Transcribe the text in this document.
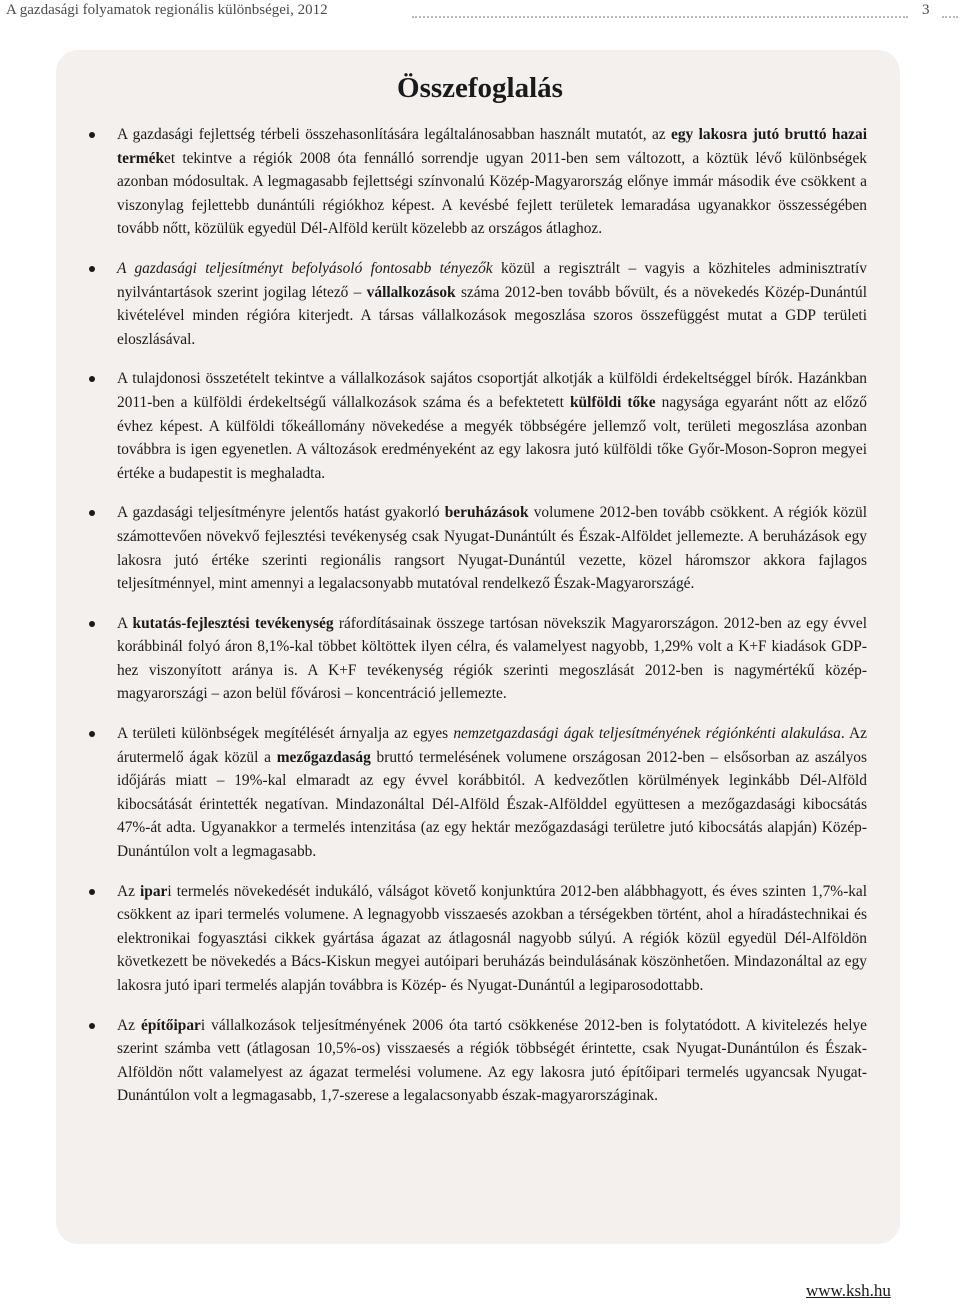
A gazdasági folyamatok regionális különbségei, 2012	3
Összefoglalás
A gazdasági fejlettség térbeli összehasonlítására legáltalánosabban használt mutatót, az egy lakosra jutó bruttó hazai terméket tekintve a régiók 2008 óta fennálló sorrendje ugyan 2011-ben sem változott, a köztük lévő különbségek azonban módosultak. A legmagasabb fejlettségi színvonalú Közép-Magyarország előnye immár második éve csökkent a viszonylag fejlettebb dunántúli régiókhoz képest. A kevésbé fejlett területek lemaradása ugyanakkor összességében tovább nőtt, közülük egyedül Dél-Alföld került közelebb az országos átlaghoz.
A gazdasági teljesítményt befolyásoló fontosabb tényezők közül a regisztrált – vagyis a közhiteles adminisztratív nyilvántartások szerint jogilag létező – vállalkozások száma 2012-ben tovább bővült, és a növekedés Közép-Dunántúl kivételével minden régióra kiterjedt. A társas vállalkozások megoszlása szoros összefüggést mutat a GDP területi eloszlásával.
A tulajdonosi összetételt tekintve a vállalkozások sajátos csoportját alkotják a külföldi érdekeltséggel bírók. Hazánkban 2011-ben a külföldi érdekeltségű vállalkozások száma és a befektetett külföldi tőke nagysága egyaránt nőtt az előző évhez képest. A külföldi tőkeállomány növekedése a megyék többségére jellemző volt, területi megoszlása azonban továbbra is igen egyenetlen. A változások eredményeként az egy lakosra jutó külföldi tőke Győr-Moson-Sopron megyei értéke a budapestit is meghaladta.
A gazdasági teljesítményre jelentős hatást gyakorló beruházások volumene 2012-ben tovább csökkent. A régiók közül számottevően növekvő fejlesztési tevékenység csak Nyugat-Dunántúlt és Észak-Alföldet jellemezte. A beruházások egy lakosra jutó értéke szerinti regionális rangsort Nyugat-Dunántúl vezette, közel háromszor akkora fajlagos teljesítménnyel, mint amennyi a legalacsonyabb mutatóval rendelkező Észak-Magyarországé.
A kutatás-fejlesztési tevékenység ráfordításainak összege tartósan növekszik Magyarországon. 2012-ben az egy évvel korábbinál folyó áron 8,1%-kal többet költöttek ilyen célra, és valamelyest nagyobb, 1,29% volt a K+F kiadások GDP-hez viszonyított aránya is. A K+F tevékenység régiók szerinti megoszlását 2012-ben is nagymértékű közép-magyarországi – azon belül fővárosi – koncentráció jellemezte.
A területi különbségek megítélését árnyalja az egyes nemzetgazdasági ágak teljesítményének régiónkénti alakulása. Az árutermelő ágak közül a mezőgazdaság bruttó termelésének volumene országosan 2012-ben – elsősorban az aszályos időjárás miatt – 19%-kal elmaradt az egy évvel korábbitól. A kedvezőtlen körülmények leginkább Dél-Alföld kibocsátását érintették negatívan. Mindazonáltal Dél-Alföld Észak-Alfölddel együttesen a mezőgazdasági kibocsátás 47%-át adta. Ugyanakkor a termelés intenzitása (az egy hektár mezőgazdasági területre jutó kibocsátás alapján) Közép-Dunántúlon volt a legmagasabb.
Az ipari termelés növekedését indukáló, válságot követő konjunktúra 2012-ben alábbhagyott, és éves szinten 1,7%-kal csökkent az ipari termelés volumene. A legnagyobb visszaesés azokban a térségekben történt, ahol a híradástechnikai és elektronikai fogyasztási cikkek gyártása ágazat az átlagosnál nagyobb súlyú. A régiók közül egyedül Dél-Alföldön következett be növekedés a Bács-Kiskun megyei autóipari beruházás beindulásának köszönhetően. Mindazonáltal az egy lakosra jutó ipari termelés alapján továbbra is Közép- és Nyugat-Dunántúl a legiparosodottabb.
Az építőipari vállalkozások teljesítményének 2006 óta tartó csökkenése 2012-ben is folytatódott. A kivitelezés helye szerint számba vett (átlagosan 10,5%-os) visszaesés a régiók többségét érintette, csak Nyugat-Dunántúlon és Észak-Alföldön nőtt valamelyest az ágazat termelési volumene. Az egy lakosra jutó építőipari termelés ugyancsak Nyugat-Dunántúlon volt a legmagasabb, 1,7-szerese a legalacsonyabb észak-magyarországinak.
www.ksh.hu
